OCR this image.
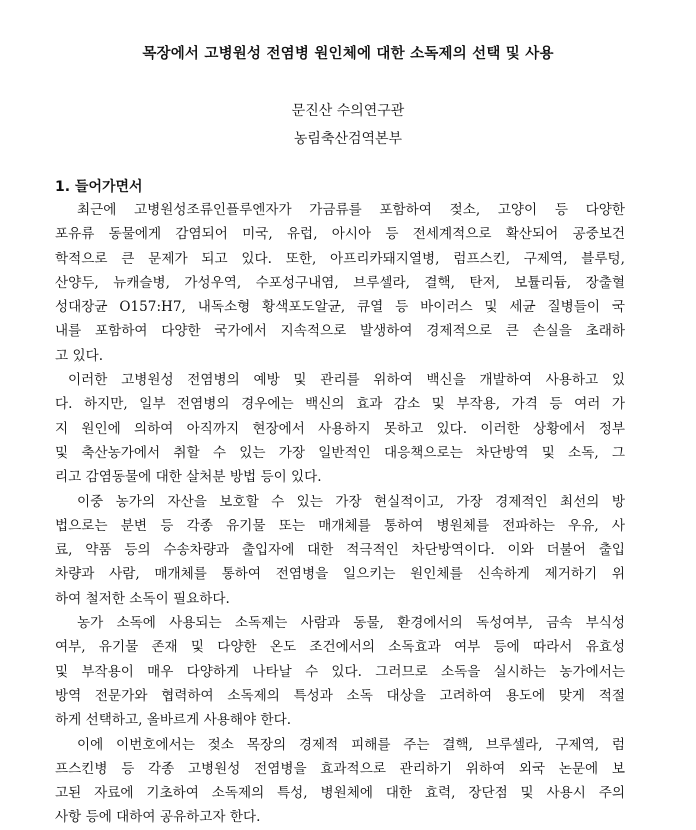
목장에서 고병원성 전염병 원인체에 대한 소독제의 선택 및 사용
문진산 수의연구관
농림축산검역본부
1. 들어가면서
최근에 고병원성조류인플루엔자가 가금류를 포함하여 젖소, 고양이 등 다양한
포유류 동물에게 감염되어 미국, 유럽, 아시아 등 전세계적으로 확산되어 공중보건
학적으로 큰 문제가 되고 있다. 또한, 아프리카돼지열병, 럼프스킨, 구제역, 블루텅,
산양두, 뉴캐슬병, 가성우역, 수포성구내염, 브루셀라, 결핵, 탄저, 보튤리듐, 장출혈
성대장균 O157:H7, 내독소형 황색포도알균, 큐열 등 바이러스 및 세균 질병들이 국
내를 포함하여 다양한 국가에서 지속적으로 발생하여 경제적으로 큰 손실을 초래하
고 있다.
이러한 고병원성 전염병의 예방 및 관리를 위하여 백신을 개발하여 사용하고 있
다. 하지만, 일부 전염병의 경우에는 백신의 효과 감소 및 부작용, 가격 등 여러 가
지 원인에 의하여 아직까지 현장에서 사용하지 못하고 있다. 이러한 상황에서 정부
및 축산농가에서 취할 수 있는 가장 일반적인 대응책으로는 차단방역 및 소독, 그
리고 감염동물에 대한 살처분 방법 등이 있다.
이중 농가의 자산을 보호할 수 있는 가장 현실적이고, 가장 경제적인 최선의 방
법으로는 분변 등 각종 유기물 또는 매개체를 통하여 병원체를 전파하는 우유, 사
료, 약품 등의 수송차량과 출입자에 대한 적극적인 차단방역이다. 이와 더불어 출입
차량과 사람, 매개체를 통하여 전염병을 일으키는 원인체를 신속하게 제거하기 위
하여 철저한 소독이 필요하다.
농가 소독에 사용되는 소독제는 사람과 동물, 환경에서의 독성여부, 금속 부식성
여부, 유기물 존재 및 다양한 온도 조건에서의 소독효과 여부 등에 따라서 유효성
및 부작용이 매우 다양하게 나타날 수 있다. 그러므로 소독을 실시하는 농가에서는
방역 전문가와 협력하여 소독제의 특성과 소독 대상을 고려하여 용도에 맞게 적절
하게 선택하고, 올바르게 사용해야 한다.
이에 이번호에서는 젖소 목장의 경제적 피해를 주는 결핵, 브루셀라, 구제역, 럼
프스킨병 등 각종 고병원성 전염병을 효과적으로 관리하기 위하여 외국 논문에 보
고된 자료에 기초하여 소독제의 특성, 병원체에 대한 효력, 장단점 및 사용시 주의
사항 등에 대하여 공유하고자 한다.
